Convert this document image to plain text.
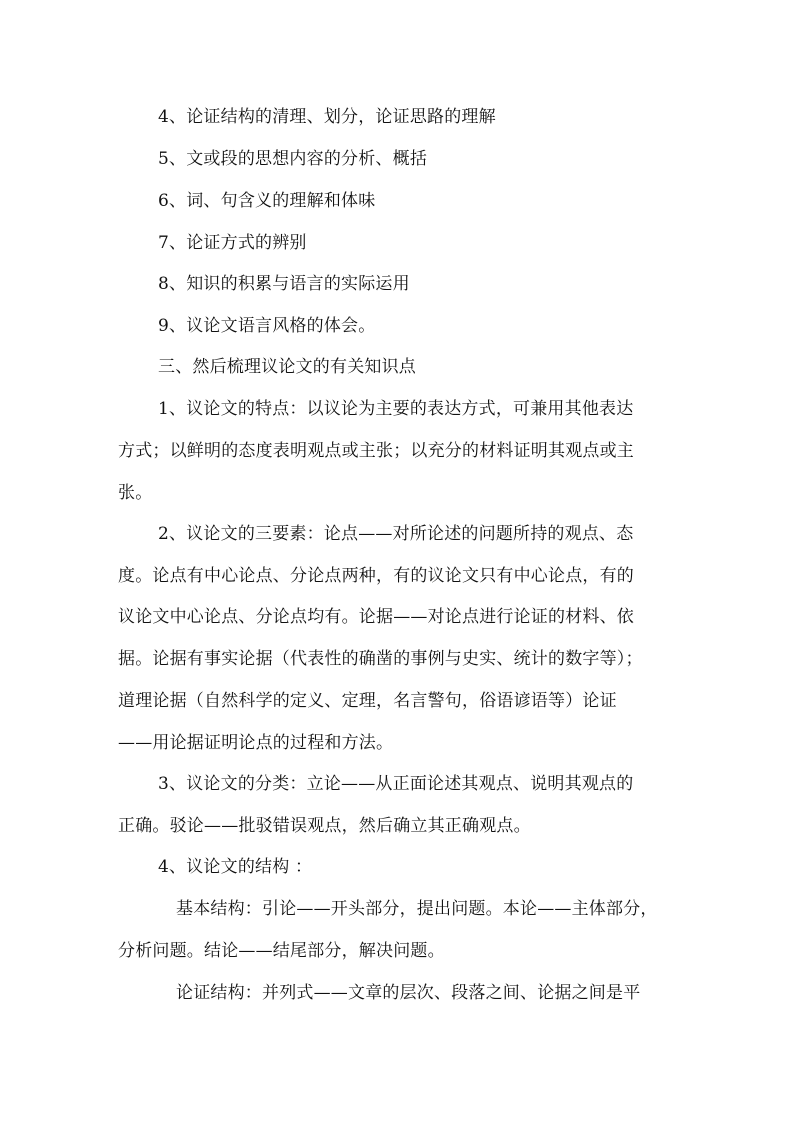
4、论证结构的清理、划分，论证思路的理解
5、文或段的思想内容的分析、概括
6、词、句含义的理解和体味
7、论证方式的辨别
8、知识的积累与语言的实际运用
9、议论文语言风格的体会。
三、然后梳理议论文的有关知识点
1、议论文的特点：以议论为主要的表达方式，可兼用其他表达
方式；以鲜明的态度表明观点或主张；以充分的材料证明其观点或主
张。
2、议论文的三要素：论点——对所论述的问题所持的观点、态
度。论点有中心论点、分论点两种，有的议论文只有中心论点，有的
议论文中心论点、分论点均有。论据——对论点进行论证的材料、依
据。论据有事实论据（代表性的确凿的事例与史实、统计的数字等）；
道理论据（自然科学的定义、定理，名言警句，俗语谚语等）论证
——用论据证明论点的过程和方法。
3、议论文的分类：立论——从正面论述其观点、说明其观点的
正确。驳论——批驳错误观点，然后确立其正确观点。
4、议论文的结构 ：
基本结构：引论——开头部分，提出问题。本论——主体部分，
分析问题。结论——结尾部分，解决问题。
论证结构：并列式——文章的层次、段落之间、论据之间是平
